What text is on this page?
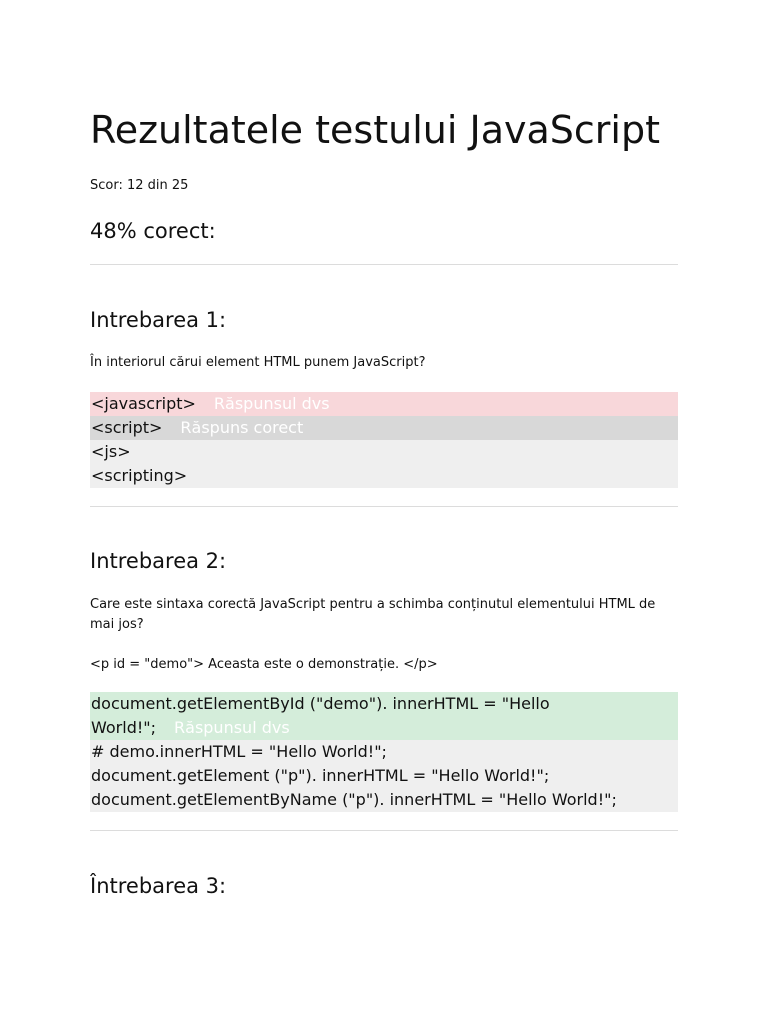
Rezultatele testului JavaScript
Scor: 12 din 25
48% corect:
Intrebarea 1:
În interiorul cărui element HTML punem JavaScript?
<javascript> Răspunsul dvs
<script> Răspuns corect
<js>
<scripting>
Intrebarea 2:
Care este sintaxa corectă JavaScript pentru a schimba conținutul elementului HTML de mai jos?
<p id = "demo"> Aceasta este o demonstrație. </p>
document.getElementById ("demo"). innerHTML = "Hello World!"; Răspunsul dvs
# demo.innerHTML = "Hello World!";
document.getElement ("p"). innerHTML = "Hello World!";
document.getElementByName ("p"). innerHTML = "Hello World!";
Întrebarea 3:
